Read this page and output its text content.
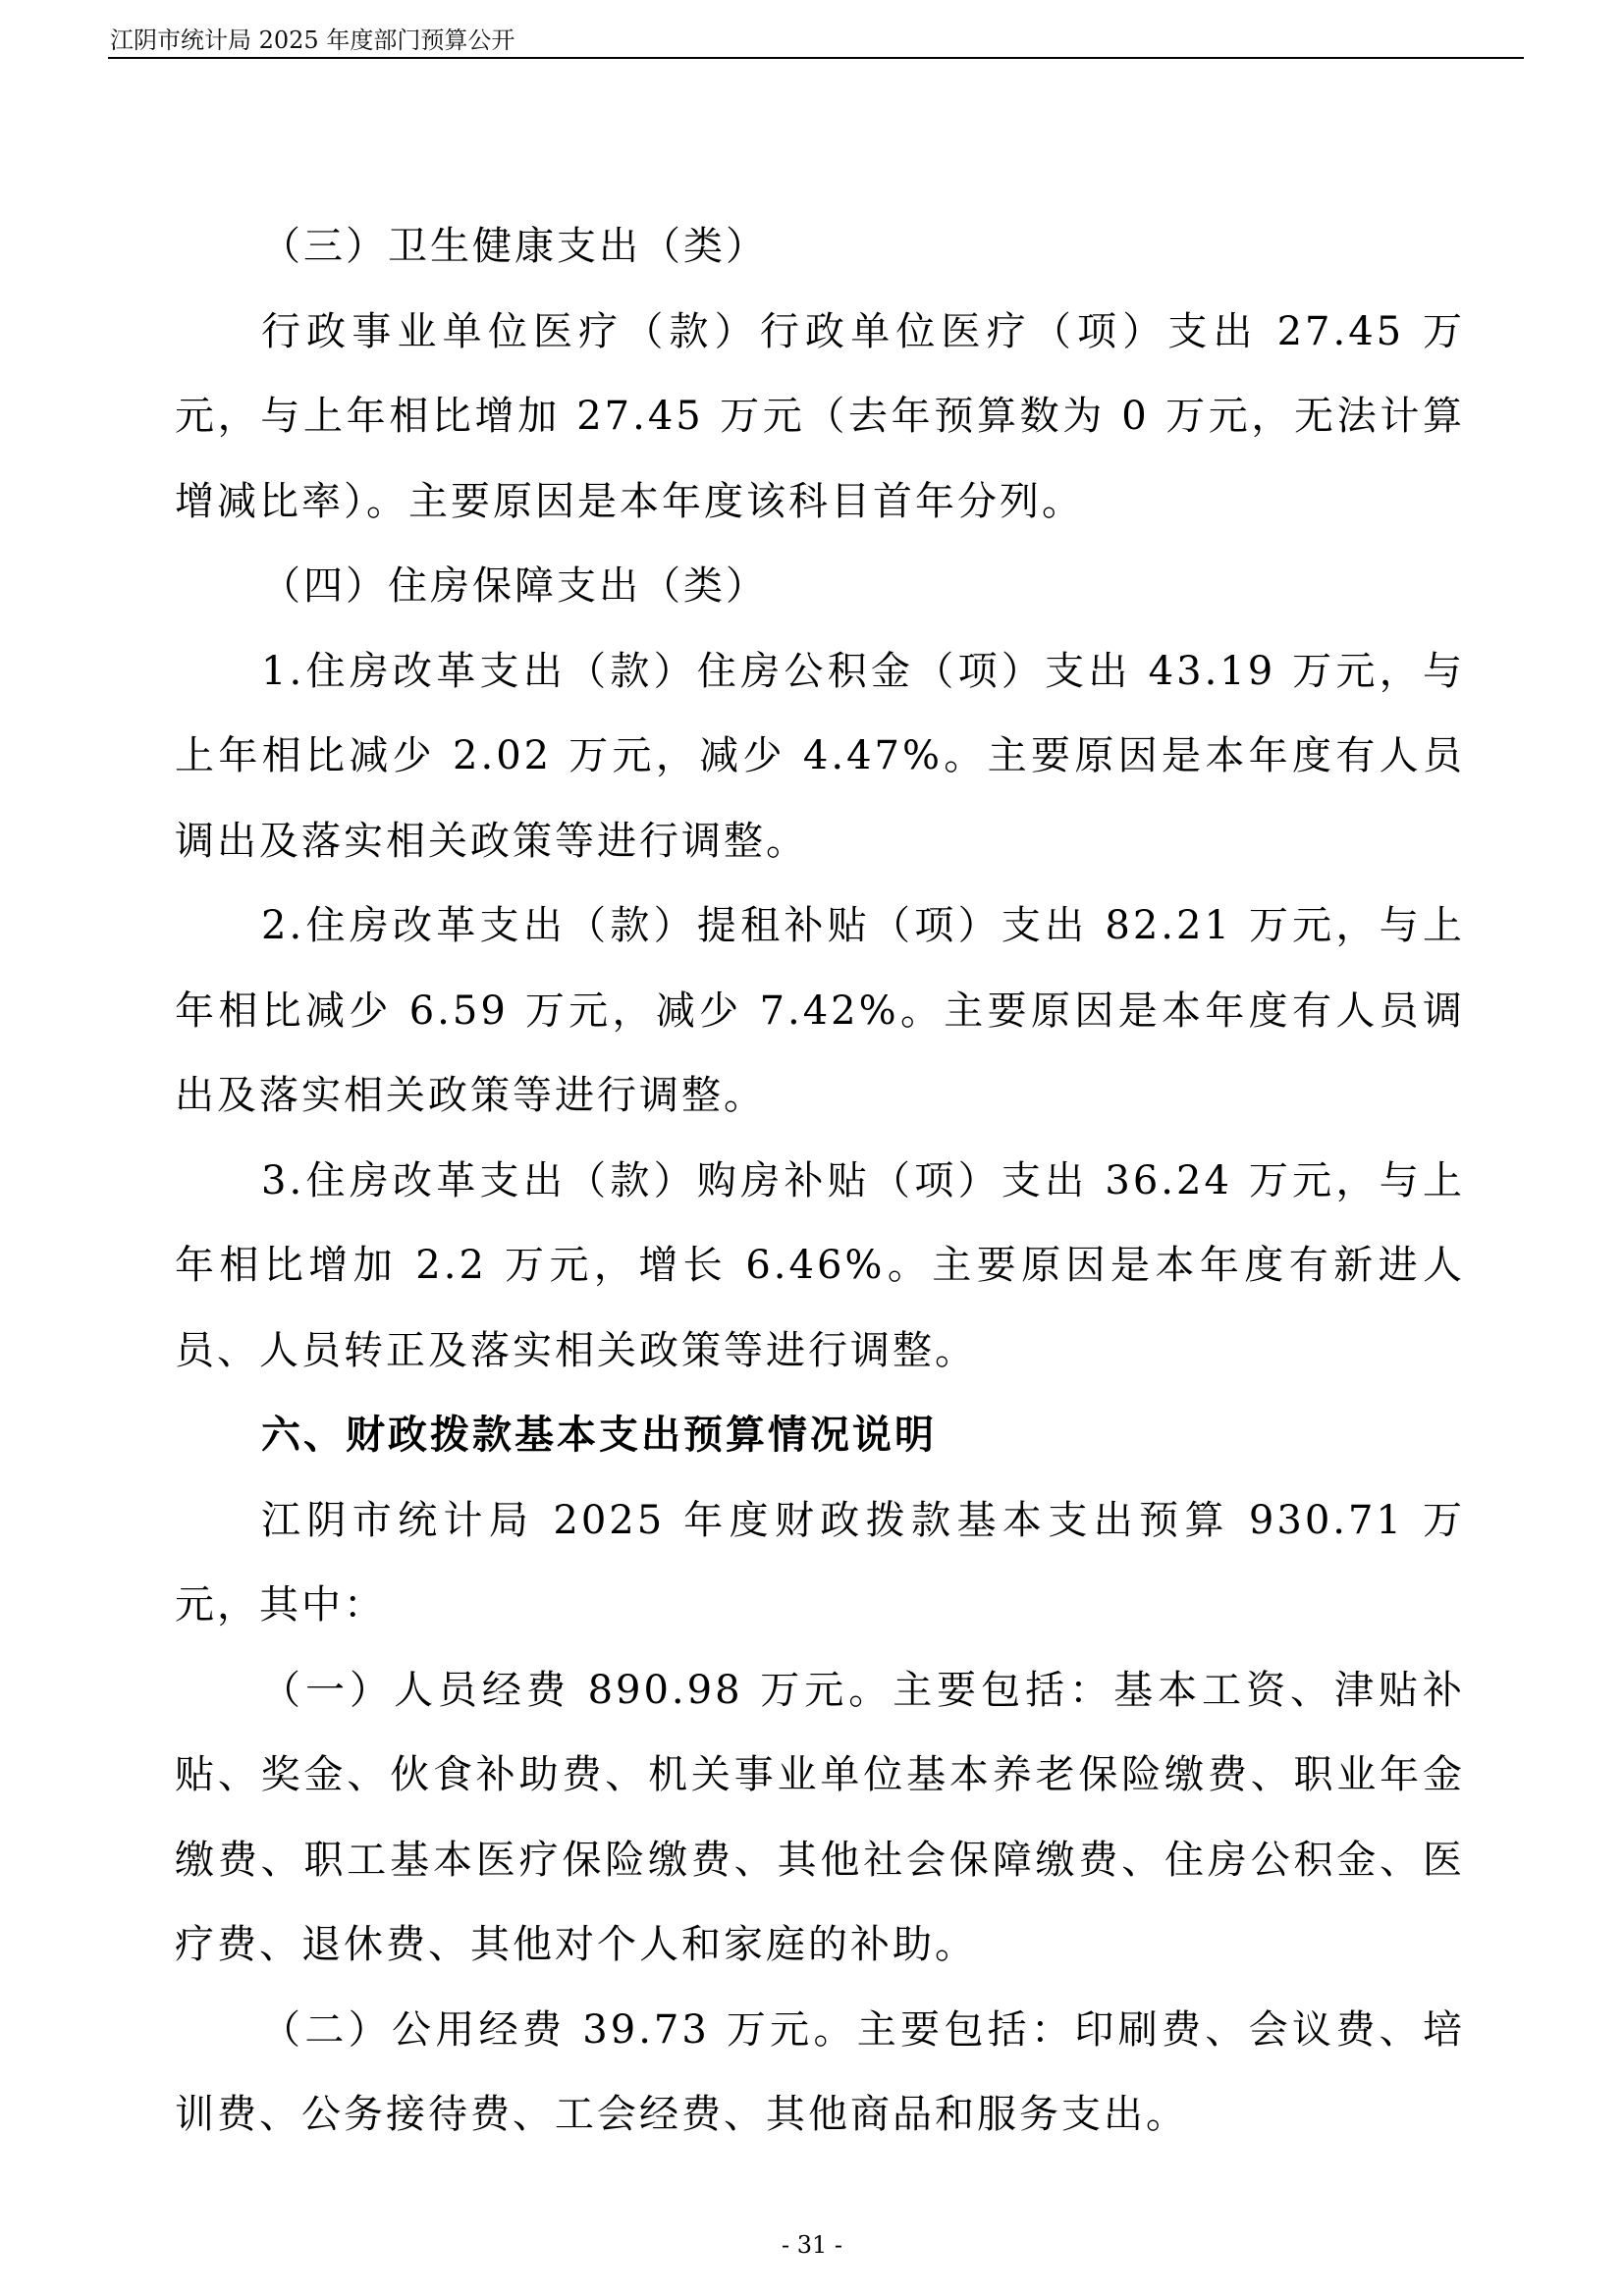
江阴市统计局 2025 年度部门预算公开

（三）卫生健康支出（类）

行政事业单位医疗（款）行政单位医疗（项）支出 27.45 万元，与上年相比增加 27.45 万元（去年预算数为 0 万元，无法计算增减比率）。主要原因是本年度该科目首年分列。

（四）住房保障支出（类）

1.住房改革支出（款）住房公积金（项）支出 43.19 万元，与上年相比减少 2.02 万元，减少 4.47%。主要原因是本年度有人员调出及落实相关政策等进行调整。

2.住房改革支出（款）提租补贴（项）支出 82.21 万元，与上年相比减少 6.59 万元，减少 7.42%。主要原因是本年度有人员调出及落实相关政策等进行调整。

3.住房改革支出（款）购房补贴（项）支出 36.24 万元，与上年相比增加 2.2 万元，增长 6.46%。主要原因是本年度有新进人员、人员转正及落实相关政策等进行调整。

六、财政拨款基本支出预算情况说明

江阴市统计局 2025 年度财政拨款基本支出预算 930.71 万元，其中：

（一）人员经费 890.98 万元。主要包括：基本工资、津贴补贴、奖金、伙食补助费、机关事业单位基本养老保险缴费、职业年金缴费、职工基本医疗保险缴费、其他社会保障缴费、住房公积金、医疗费、退休费、其他对个人和家庭的补助。

（二）公用经费 39.73 万元。主要包括：印刷费、会议费、培训费、公务接待费、工会经费、其他商品和服务支出。

- 31 -
